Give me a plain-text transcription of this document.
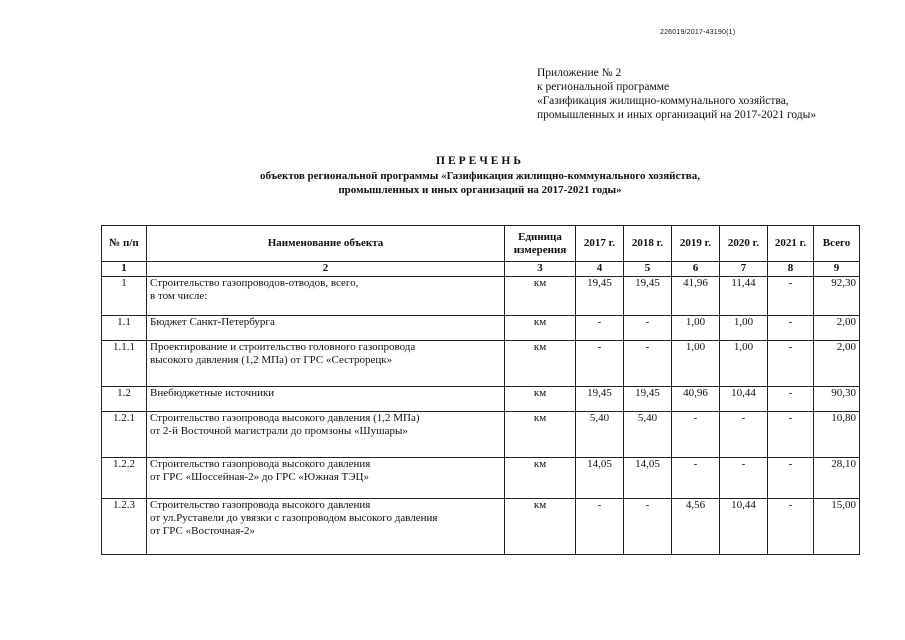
226019/2017-43190(1)
Приложение № 2
к региональной программе
«Газификация жилищно-коммунального хозяйства,
промышленных и иных организаций на 2017-2021 годы»
ПЕРЕЧЕНЬ
объектов региональной программы «Газификация жилищно-коммунального хозяйства,
промышленных и иных организаций на 2017-2021 годы»
№ п/п	Наименование объекта	Единица измерения	2017 г.	2018 г.	2019 г.	2020 г.	2021 г.	Всего
1	2	3	4	5	6	7	8	9
1	Строительство газопроводов-отводов, всего,
в том числе:	км	19,45	19,45	41,96	11,44	-	92,30
1.1	Бюджет Санкт-Петербурга	км	-	-	1,00	1,00	-	2,00
1.1.1	Проектирование и строительство головного газопровода
высокого давления (1,2 МПа) от ГРС «Сестрорецк»	км	-	-	1,00	1,00	-	2,00
1.2	Внебюджетные источники	км	19,45	19,45	40,96	10,44	-	90,30
1.2.1	Строительство газопровода высокого давления (1,2 МПа)
от 2-й Восточной магистрали до промзоны «Шушары»	км	5,40	5,40	-	-	-	10,80
1.2.2	Строительство газопровода высокого давления
от ГРС «Шоссейная-2» до ГРС «Южная ТЭЦ»	км	14,05	14,05	-	-	-	28,10
1.2.3	Строительство газопровода высокого давления
от ул.Руставели до увязки с газопроводом высокого давления
от ГРС «Восточная-2»	км	-	-	4,56	10,44	-	15,00
